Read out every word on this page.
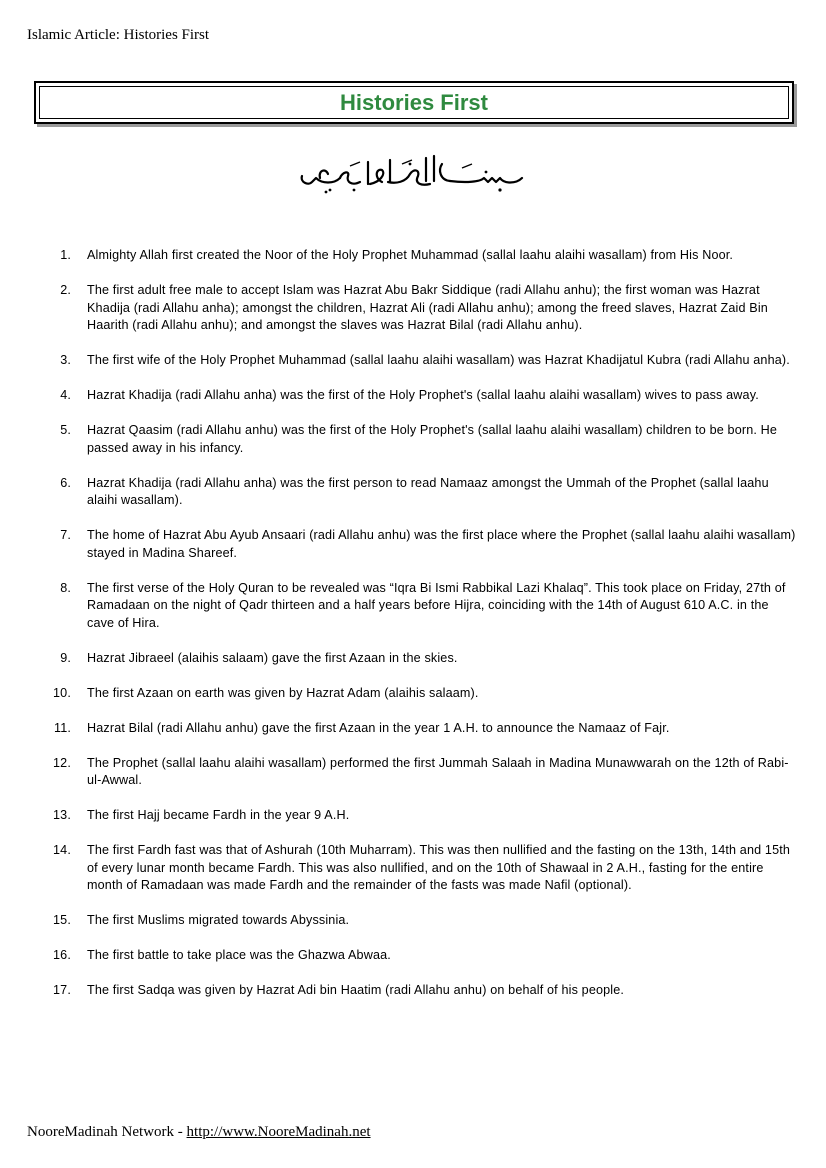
Islamic Article: Histories First
Histories First
1. Almighty Allah first created the Noor of the Holy Prophet Muhammad (sallal laahu alaihi wasallam) from His Noor.
2. The first adult free male to accept Islam was Hazrat Abu Bakr Siddique (radi Allahu anhu); the first woman was Hazrat Khadija (radi Allahu anha); amongst the children, Hazrat Ali (radi Allahu anhu); among the freed slaves, Hazrat Zaid Bin Haarith (radi Allahu anhu); and amongst the slaves was Hazrat Bilal (radi Allahu anhu).
3. The first wife of the Holy Prophet Muhammad (sallal laahu alaihi wasallam) was Hazrat Khadijatul Kubra (radi Allahu anha).
4. Hazrat Khadija (radi Allahu anha) was the first of the Holy Prophet's (sallal laahu alaihi wasallam) wives to pass away.
5. Hazrat Qaasim (radi Allahu anhu) was the first of the Holy Prophet's (sallal laahu alaihi wasallam) children to be born. He passed away in his infancy.
6. Hazrat Khadija (radi Allahu anha) was the first person to read Namaaz amongst the Ummah of the Prophet (sallal laahu alaihi wasallam).
7. The home of Hazrat Abu Ayub Ansaari (radi Allahu anhu) was the first place where the Prophet (sallal laahu alaihi wasallam) stayed in Madina Shareef.
8. The first verse of the Holy Quran to be revealed was “Iqra Bi Ismi Rabbikal Lazi Khalaq”. This took place on Friday, 27th of Ramadaan on the night of Qadr thirteen and a half years before Hijra, coinciding with the 14th of August 610 A.C. in the cave of Hira.
9. Hazrat Jibraeel (alaihis salaam) gave the first Azaan in the skies.
10. The first Azaan on earth was given by Hazrat Adam (alaihis salaam).
11. Hazrat Bilal (radi Allahu anhu) gave the first Azaan in the year 1 A.H. to announce the Namaaz of Fajr.
12. The Prophet (sallal laahu alaihi wasallam) performed the first Jummah Salaah in Madina Munawwarah on the 12th of Rabi-ul-Awwal.
13. The first Hajj became Fardh in the year 9 A.H.
14. The first Fardh fast was that of Ashurah (10th Muharram). This was then nullified and the fasting on the 13th, 14th and 15th of every lunar month became Fardh. This was also nullified, and on the 10th of Shawaal in 2 A.H., fasting for the entire month of Ramadaan was made Fardh and the remainder of the fasts was made Nafil (optional).
15. The first Muslims migrated towards Abyssinia.
16. The first battle to take place was the Ghazwa Abwaa.
17. The first Sadqa was given by Hazrat Adi bin Haatim (radi Allahu anhu) on behalf of his people.
NooreMadinah Network - http://www.NooreMadinah.net
